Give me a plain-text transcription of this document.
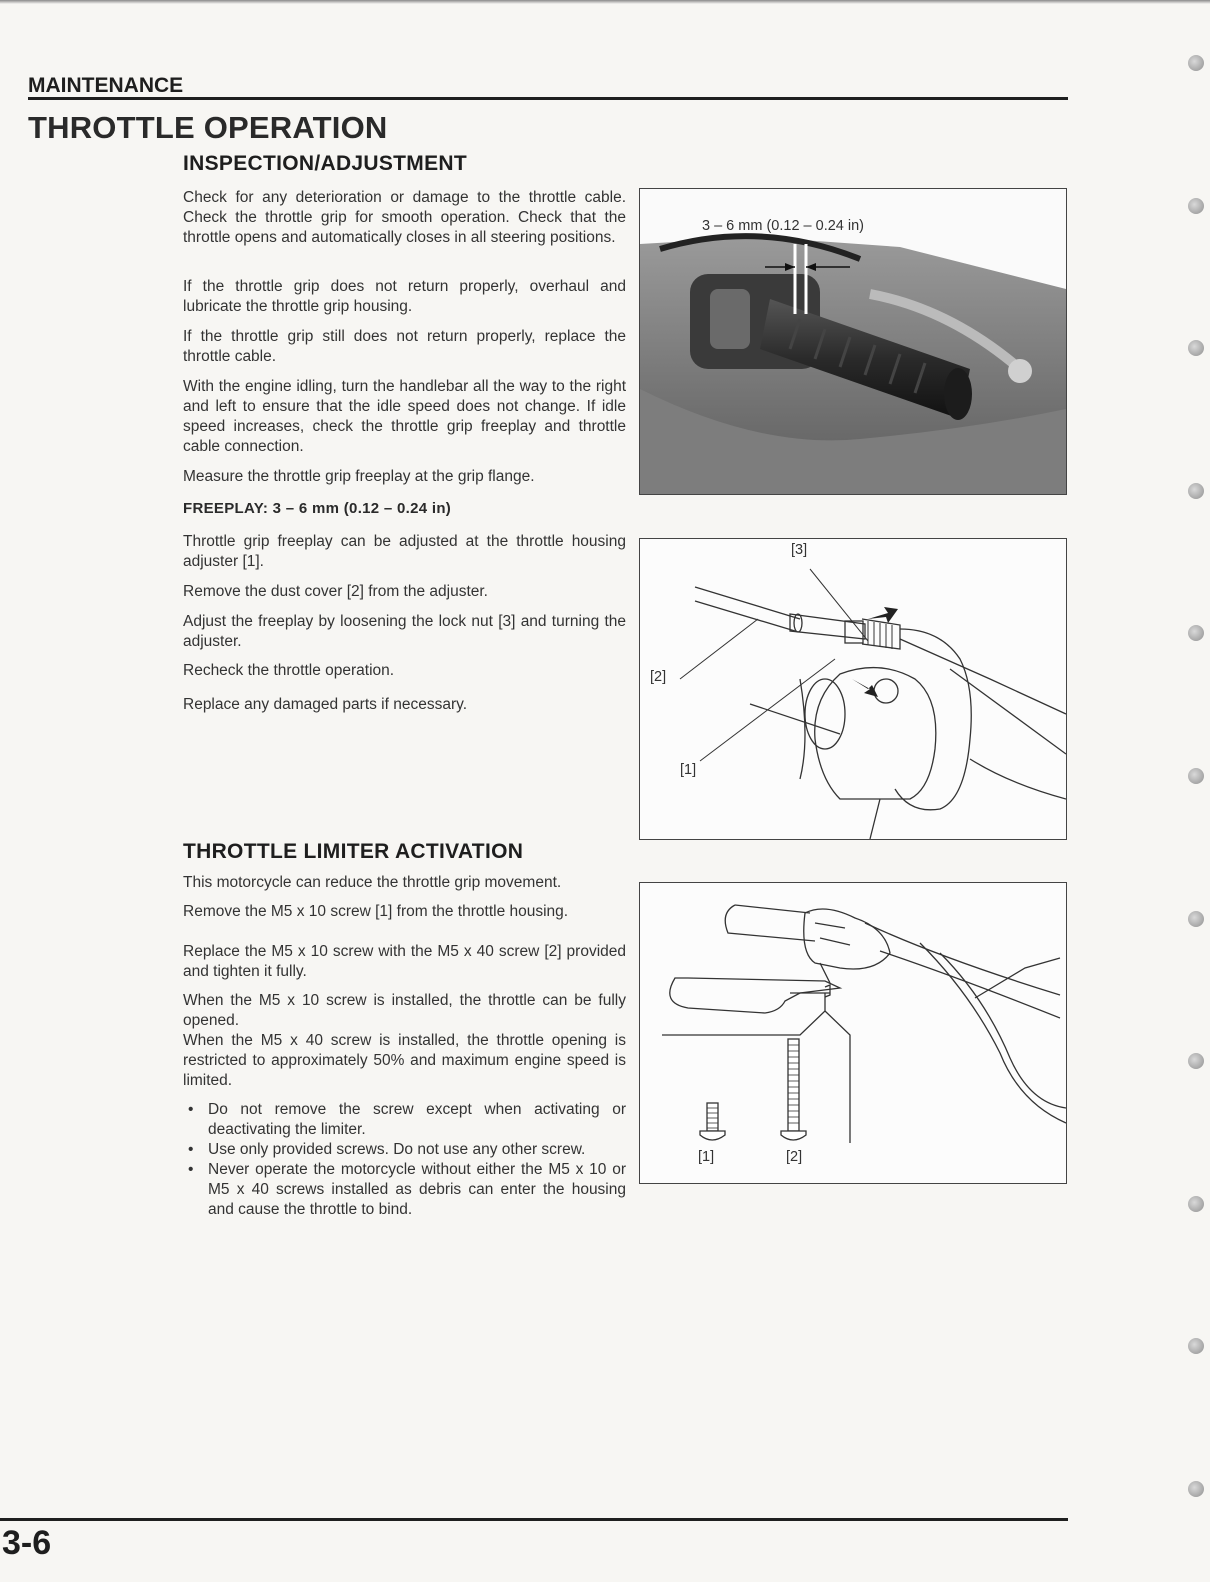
MAINTENANCE
THROTTLE OPERATION
INSPECTION/ADJUSTMENT

Check for any deterioration or damage to the throttle cable. Check the throttle grip for smooth operation. Check that the throttle opens and automatically closes in all steering positions.

If the throttle grip does not return properly, overhaul and lubricate the throttle grip housing.

If the throttle grip still does not return properly, replace the throttle cable.

With the engine idling, turn the handlebar all the way to the right and left to ensure that the idle speed does not change. If idle speed increases, check the throttle grip freeplay and throttle cable connection.

Measure the throttle grip freeplay at the grip flange.

FREEPLAY: 3 – 6 mm (0.12 – 0.24 in)

Throttle grip freeplay can be adjusted at the throttle housing adjuster [1].

Remove the dust cover [2] from the adjuster.

Adjust the freeplay by loosening the lock nut [3] and turning the adjuster.

Recheck the throttle operation.

Replace any damaged parts if necessary.

3 – 6 mm (0.12 – 0.24 in)

[3]

[2]

[1]

THROTTLE LIMITER ACTIVATION

This motorcycle can reduce the throttle grip movement.

Remove the M5 x 10 screw [1] from the throttle housing.

Replace the M5 x 10 screw with the M5 x 40 screw [2] provided and tighten it fully.

When the M5 x 10 screw is installed, the throttle can be fully opened.

When the M5 x 40 screw is installed, the throttle opening is restricted to approximately 50% and maximum engine speed is limited.

• Do not remove the screw except when activating or deactivating the limiter.
• Use only provided screws. Do not use any other screw.
• Never operate the motorcycle without either the M5 x 10 or M5 x 40 screws installed as debris can enter the housing and cause the throttle to bind.

[1]	[2]

3-6
